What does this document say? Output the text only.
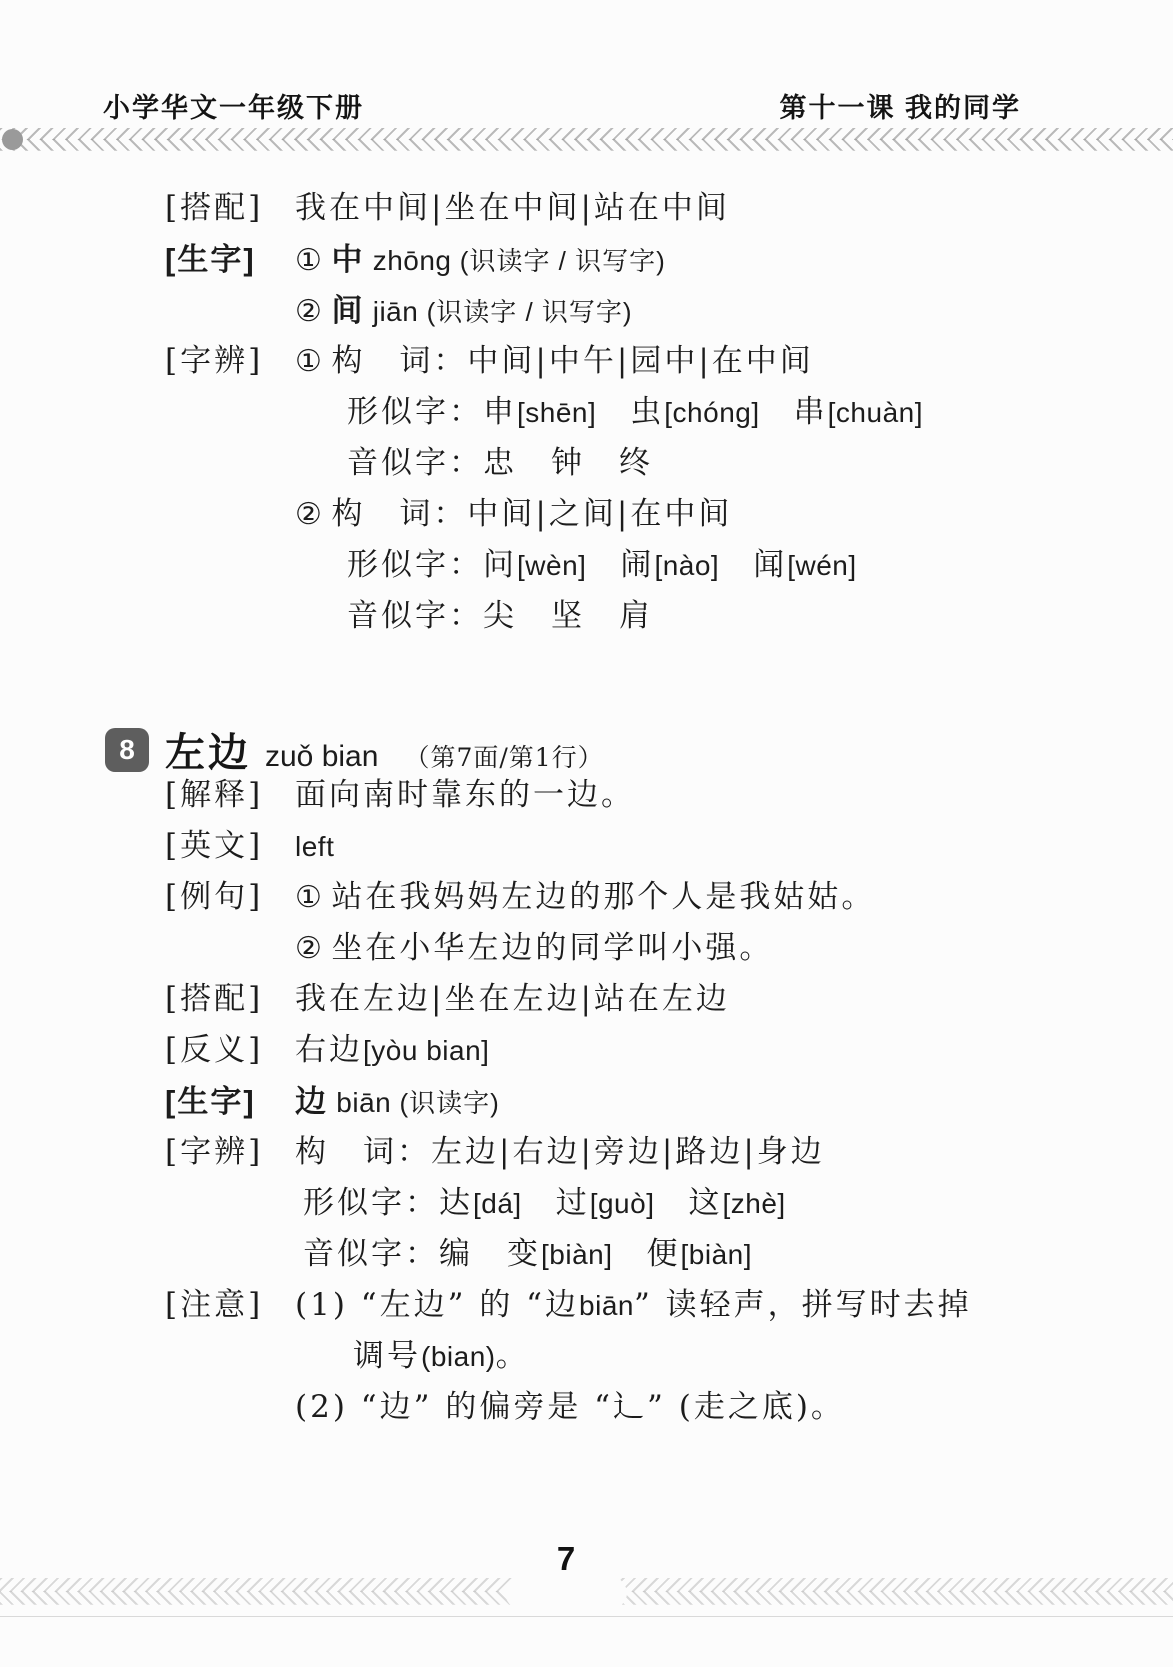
小学华文一年级下册	第十一课 我的同学
[搭配]	我在中间|坐在中间|站在中间
[生字]	① 中 zhōng (识读字 / 识写字)
② 间 jiān (识读字 / 识写字)
[字辨]	① 构　词：中间|中午|园中|在中间
形似字：申[shēn]　虫[chóng]　串[chuàn]
音似字：忠　钟　终
② 构　词：中间|之间|在中间
形似字：问[wèn]　闹[nào]　闻[wén]
音似字：尖　坚　肩
8 左边 zuǒ bian （第7面/第1行）
[解释]	面向南时靠东的一边。
[英文]	left
[例句]	① 站在我妈妈左边的那个人是我姑姑。
② 坐在小华左边的同学叫小强。
[搭配]	我在左边|坐在左边|站在左边
[反义]	右边[yòu bian]
[生字]	边 biān (识读字)
[字辨]	构　词：左边|右边|旁边|路边|身边
形似字：达[dá]　过[guò]　这[zhè]
音似字：编　变[biàn]　便[biàn]
[注意]	(1) “左边” 的 “边biān” 读轻声，拼写时去掉
调号(bian)。
(2) “边” 的偏旁是 “辶” (走之底)。
7
